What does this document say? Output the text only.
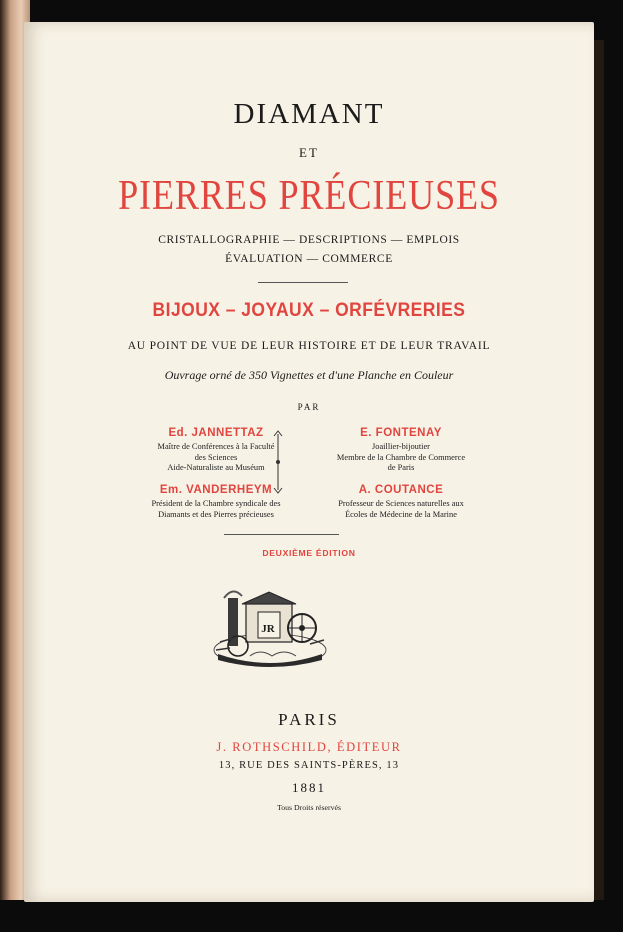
DIAMANT
ET
PIERRES PRÉCIEUSES
CRISTALLOGRAPHIE — DESCRIPTIONS — EMPLOIS
ÉVALUATION — COMMERCE
BIJOUX – JOYAUX – ORFÉVRERIES
AU POINT DE VUE DE LEUR HISTOIRE ET DE LEUR TRAVAIL
Ouvrage orné de 350 Vignettes et d'une Planche en Couleur
PAR
Ed. JANNETTAZ
Maître de Conférences à la Faculté
des Sciences
Aide-Naturaliste au Muséum
E. FONTENAY
Joaillier-bijoutier
Membre de la Chambre de Commerce
de Paris
Em. VANDERHEYM
Président de la Chambre syndicale des
Diamants et des Pierres précieuses
A. COUTANCE
Professeur de Sciences naturelles aux
Écoles de Médecine de la Marine
DEUXIÈME ÉDITION
JR
PARIS
J. ROTHSCHILD, ÉDITEUR
13, RUE DES SAINTS-PÈRES, 13
1881
Tous Droits réservés
